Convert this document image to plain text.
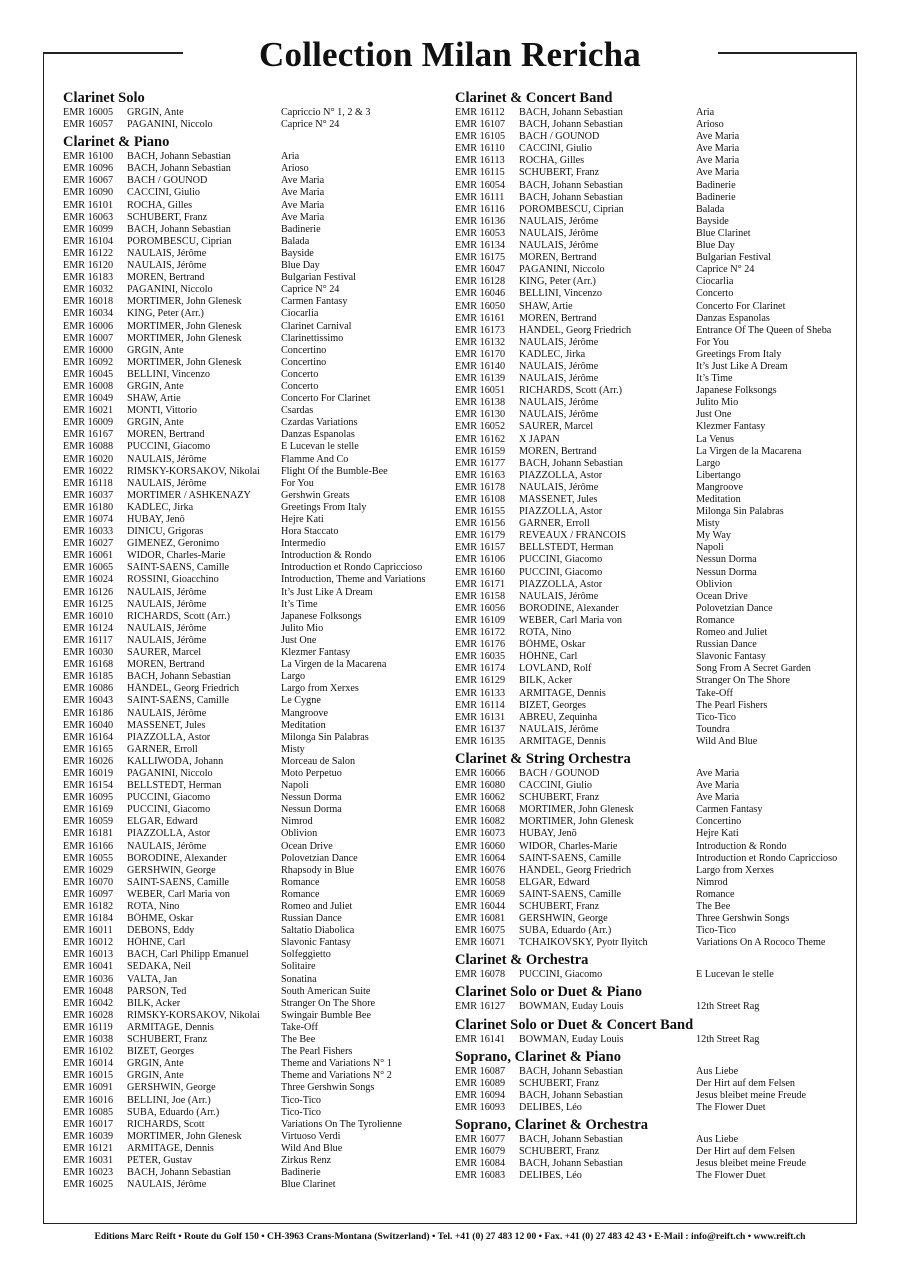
Collection Milan Rericha
Clarinet Solo
EMR 16005	GRGIN, Ante	Capriccio N° 1, 2 & 3
EMR 16057	PAGANINI, Niccolo	Caprice N° 24
Clarinet & Piano
EMR 16100	BACH, Johann Sebastian	Aria
EMR 16096	BACH, Johann Sebastian	Arioso
EMR 16067	BACH / GOUNOD	Ave Maria
EMR 16090	CACCINI, Giulio	Ave Maria
EMR 16101	ROCHA, Gilles	Ave Maria
EMR 16063	SCHUBERT, Franz	Ave Maria
EMR 16099	BACH, Johann Sebastian	Badinerie
EMR 16104	POROMBESCU, Ciprian	Balada
EMR 16122	NAULAIS, Jérôme	Bayside
EMR 16120	NAULAIS, Jérôme	Blue Day
EMR 16183	MOREN, Bertrand	Bulgarian Festival
EMR 16032	PAGANINI, Niccolo	Caprice N° 24
EMR 16018	MORTIMER, John Glenesk	Carmen Fantasy
EMR 16034	KING, Peter (Arr.)	Ciocarlia
EMR 16006	MORTIMER, John Glenesk	Clarinet Carnival
EMR 16007	MORTIMER, John Glenesk	Clarinettissimo
EMR 16000	GRGIN, Ante	Concertino
EMR 16092	MORTIMER, John Glenesk	Concertino
EMR 16045	BELLINI, Vincenzo	Concerto
EMR 16008	GRGIN, Ante	Concerto
EMR 16049	SHAW, Artie	Concerto For Clarinet
EMR 16021	MONTI, Vittorio	Csardas
EMR 16009	GRGIN, Ante	Czardas Variations
EMR 16167	MOREN, Bertrand	Danzas Espanolas
EMR 16088	PUCCINI, Giacomo	E Lucevan le stelle
EMR 16020	NAULAIS, Jérôme	Flamme And Co
EMR 16022	RIMSKY-KORSAKOV, Nikolai	Flight Of the Bumble-Bee
EMR 16118	NAULAIS, Jérôme	For You
EMR 16037	MORTIMER / ASHKENAZY	Gershwin Greats
EMR 16180	KADLEC, Jirka	Greetings From Italy
EMR 16074	HUBAY, Jenö	Hejre Kati
EMR 16033	DINICU, Grigoras	Hora Staccato
EMR 16027	GIMENEZ, Geronimo	Intermedio
EMR 16061	WIDOR, Charles-Marie	Introduction & Rondo
EMR 16065	SAINT-SAENS, Camille	Introduction et Rondo Capriccioso
EMR 16024	ROSSINI, Gioacchino	Introduction, Theme and Variations
EMR 16126	NAULAIS, Jérôme	It’s Just Like A Dream
EMR 16125	NAULAIS, Jérôme	It’s Time
EMR 16010	RICHARDS, Scott (Arr.)	Japanese Folksongs
EMR 16124	NAULAIS, Jérôme	Julito Mio
EMR 16117	NAULAIS, Jérôme	Just One
EMR 16030	SAURER, Marcel	Klezmer Fantasy
EMR 16168	MOREN, Bertrand	La Virgen de la Macarena
EMR 16185	BACH, Johann Sebastian	Largo
EMR 16086	HÄNDEL, Georg Friedrich	Largo from Xerxes
EMR 16043	SAINT-SAËNS, Camille	Le Cygne
EMR 16186	NAULAIS, Jérôme	Mangroove
EMR 16040	MASSENET, Jules	Meditation
EMR 16164	PIAZZOLLA, Astor	Milonga Sin Palabras
EMR 16165	GARNER, Erroll	Misty
EMR 16026	KALLIWODA, Johann	Morceau de Salon
EMR 16019	PAGANINI, Niccolo	Moto Perpetuo
EMR 16154	BELLSTEDT, Herman	Napoli
EMR 16095	PUCCINI, Giacomo	Nessun Dorma
EMR 16169	PUCCINI, Giacomo	Nessun Dorma
EMR 16059	ELGAR, Edward	Nimrod
EMR 16181	PIAZZOLLA, Astor	Oblivion
EMR 16166	NAULAIS, Jérôme	Ocean Drive
EMR 16055	BORODINE, Alexander	Polovetzian Dance
EMR 16029	GERSHWIN, George	Rhapsody in Blue
EMR 16070	SAINT-SAENS, Camille	Romance
EMR 16097	WEBER, Carl Maria von	Romance
EMR 16182	ROTA, Nino	Romeo and Juliet
EMR 16184	BÖHME, Oskar	Russian Dance
EMR 16011	DEBONS, Eddy	Saltatio Diabolica
EMR 16012	HÖHNE, Carl	Slavonic Fantasy
EMR 16013	BACH, Carl Philipp Emanuel	Solfeggietto
EMR 16041	SEDAKA, Neil	Solitaire
EMR 16036	VALTA, Jan	Sonatina
EMR 16048	PARSON, Ted	South American Suite
EMR 16042	BILK, Acker	Stranger On The Shore
EMR 16028	RIMSKY-KORSAKOV, Nikolai	Swingair Bumble Bee
EMR 16119	ARMITAGE, Dennis	Take-Off
EMR 16038	SCHUBERT, Franz	The Bee
EMR 16102	BIZET, Georges	The Pearl Fishers
EMR 16014	GRGIN, Ante	Theme and Variations N° 1
EMR 16015	GRGIN, Ante	Theme and Variations N° 2
EMR 16091	GERSHWIN, George	Three Gershwin Songs
EMR 16016	BELLINI, Joe (Arr.)	Tico-Tico
EMR 16085	SUBA, Eduardo (Arr.)	Tico-Tico
EMR 16017	RICHARDS, Scott	Variations On The Tyrolienne
EMR 16039	MORTIMER, John Glenesk	Virtuoso Verdi
EMR 16121	ARMITAGE, Dennis	Wild And Blue
EMR 16031	PETER, Gustav	Zirkus Renz
EMR 16023	BACH, Johann Sebastian	Badinerie
EMR 16025	NAULAIS, Jérôme	Blue Clarinet
Clarinet & Concert Band
EMR 16112	BACH, Johann Sebastian	Aria
EMR 16107	BACH, Johann Sebastian	Arioso
EMR 16105	BACH / GOUNOD	Ave Maria
EMR 16110	CACCINI, Giulio	Ave Maria
EMR 16113	ROCHA, Gilles	Ave Maria
EMR 16115	SCHUBERT, Franz	Ave Maria
EMR 16054	BACH, Johann Sebastian	Badinerie
EMR 16111	BACH, Johann Sebastian	Badinerie
EMR 16116	POROMBESCU, Ciprian	Balada
EMR 16136	NAULAIS, Jérôme	Bayside
EMR 16053	NAULAIS, Jérôme	Blue Clarinet
EMR 16134	NAULAIS, Jérôme	Blue Day
EMR 16175	MOREN, Bertrand	Bulgarian Festival
EMR 16047	PAGANINI, Niccolo	Caprice N° 24
EMR 16128	KING, Peter (Arr.)	Ciocarlia
EMR 16046	BELLINI, Vincenzo	Concerto
EMR 16050	SHAW, Artie	Concerto For Clarinet
EMR 16161	MOREN, Bertrand	Danzas Espanolas
EMR 16173	HÄNDEL, Georg Friedrich	Entrance Of The Queen of Sheba
EMR 16132	NAULAIS, Jérôme	For You
EMR 16170	KADLEC, Jirka	Greetings From Italy
EMR 16140	NAULAIS, Jérôme	It’s Just Like A Dream
EMR 16139	NAULAIS, Jérôme	It’s Time
EMR 16051	RICHARDS, Scott (Arr.)	Japanese Folksongs
EMR 16138	NAULAIS, Jérôme	Julito Mio
EMR 16130	NAULAIS, Jérôme	Just One
EMR 16052	SAURER, Marcel	Klezmer Fantasy
EMR 16162	X JAPAN	La Venus
EMR 16159	MOREN, Bertrand	La Virgen de la Macarena
EMR 16177	BACH, Johann Sebastian	Largo
EMR 16163	PIAZZOLLA, Astor	Libertango
EMR 16178	NAULAIS, Jérôme	Mangroove
EMR 16108	MASSENET, Jules	Meditation
EMR 16155	PIAZZOLLA, Astor	Milonga Sin Palabras
EMR 16156	GARNER, Erroll	Misty
EMR 16179	REVEAUX / FRANCOIS	My Way
EMR 16157	BELLSTEDT, Herman	Napoli
EMR 16106	PUCCINI, Giacomo	Nessun Dorma
EMR 16160	PUCCINI, Giacomo	Nessun Dorma
EMR 16171	PIAZZOLLA, Astor	Oblivion
EMR 16158	NAULAIS, Jérôme	Ocean Drive
EMR 16056	BORODINE, Alexander	Polovetzian Dance
EMR 16109	WEBER, Carl Maria von	Romance
EMR 16172	ROTA, Nino	Romeo and Juliet
EMR 16176	BÖHME, Oskar	Russian Dance
EMR 16035	HÖHNE, Carl	Slavonic Fantasy
EMR 16174	LOVLAND, Rolf	Song From A Secret Garden
EMR 16129	BILK, Acker	Stranger On The Shore
EMR 16133	ARMITAGE, Dennis	Take-Off
EMR 16114	BIZET, Georges	The Pearl Fishers
EMR 16131	ABREU, Zequinha	Tico-Tico
EMR 16137	NAULAIS, Jérôme	Toundra
EMR 16135	ARMITAGE, Dennis	Wild And Blue
Clarinet & String Orchestra
EMR 16066	BACH / GOUNOD	Ave Maria
EMR 16080	CACCINI, Giulio	Ave Maria
EMR 16062	SCHUBERT, Franz	Ave Maria
EMR 16068	MORTIMER, John Glenesk	Carmen Fantasy
EMR 16082	MORTIMER, John Glenesk	Concertino
EMR 16073	HUBAY, Jenö	Hejre Kati
EMR 16060	WIDOR, Charles-Marie	Introduction & Rondo
EMR 16064	SAINT-SAENS, Camille	Introduction et Rondo Capriccioso
EMR 16076	HÄNDEL, Georg Friedrich	Largo from Xerxes
EMR 16058	ELGAR, Edward	Nimrod
EMR 16069	SAINT-SAENS, Camille	Romance
EMR 16044	SCHUBERT, Franz	The Bee
EMR 16081	GERSHWIN, George	Three Gershwin Songs
EMR 16075	SUBA, Eduardo (Arr.)	Tico-Tico
EMR 16071	TCHAIKOVSKY, Pyotr Ilyitch	Variations On A Rococo Theme
Clarinet & Orchestra
EMR 16078	PUCCINI, Giacomo	E Lucevan le stelle
Clarinet Solo or Duet & Piano
EMR 16127	BOWMAN, Euday Louis	12th Street Rag
Clarinet Solo or Duet & Concert Band
EMR 16141	BOWMAN, Euday Louis	12th Street Rag
Soprano, Clarinet & Piano
EMR 16087	BACH, Johann Sebastian	Aus Liebe
EMR 16089	SCHUBERT, Franz	Der Hirt auf dem Felsen
EMR 16094	BACH, Johann Sebastian	Jesus bleibet meine Freude
EMR 16093	DELIBES, Léo	The Flower Duet
Soprano, Clarinet & Orchestra
EMR 16077	BACH, Johann Sebastian	Aus Liebe
EMR 16079	SCHUBERT, Franz	Der Hirt auf dem Felsen
EMR 16084	BACH, Johann Sebastian	Jesus bleibet meine Freude
EMR 16083	DELIBES, Léo	The Flower Duet
Editions Marc Reift • Route du Golf 150 • CH-3963 Crans-Montana (Switzerland) • Tel. +41 (0) 27 483 12 00 • Fax. +41 (0) 27 483 42 43 • E-Mail : info@reift.ch • www.reift.ch
